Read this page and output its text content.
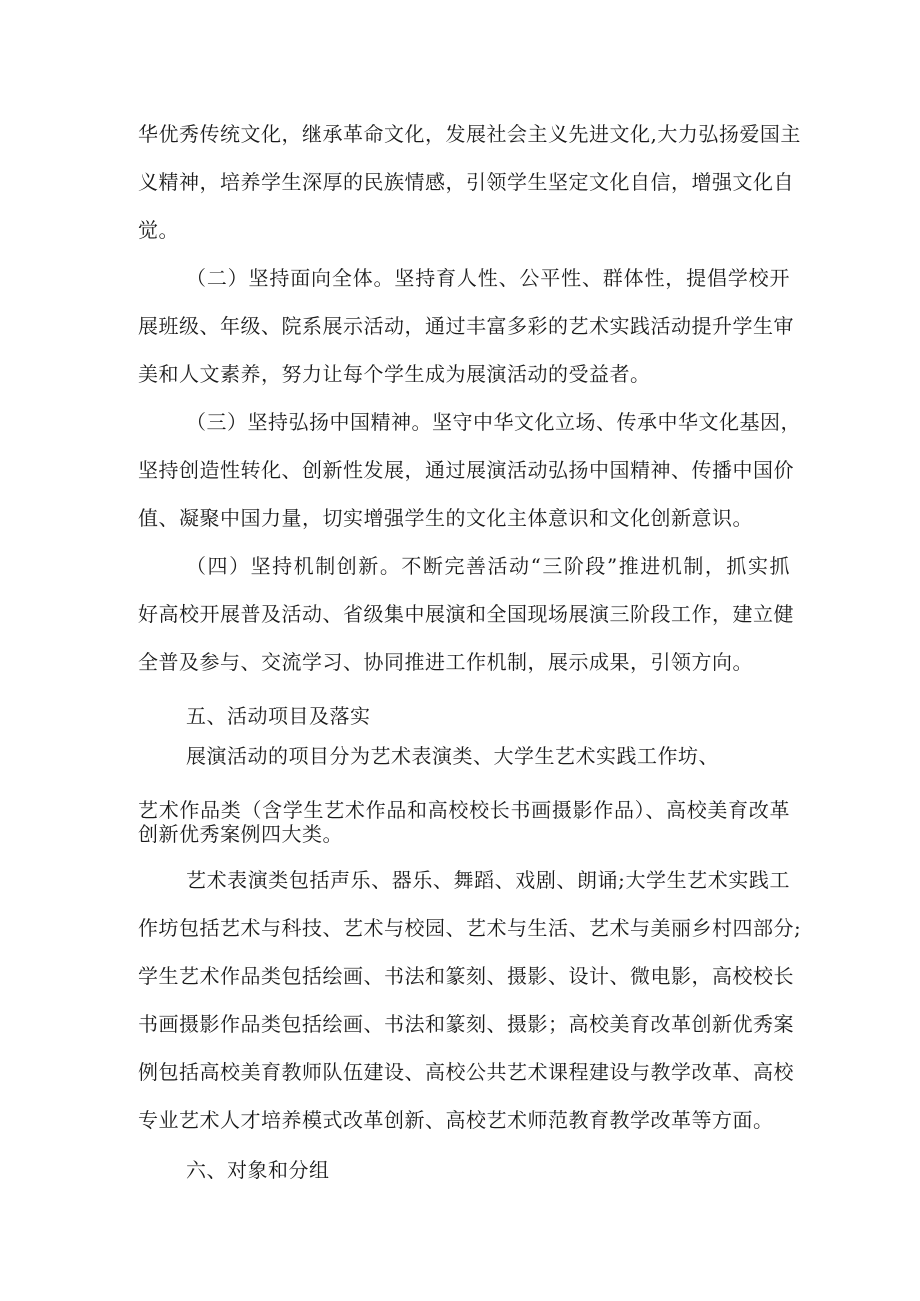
华优秀传统文化，继承革命文化，发展社会主义先进文化,大力弘扬爱国主
义精神，培养学生深厚的民族情感，引领学生坚定文化自信，增强文化自
觉。
（二）坚持面向全体。坚持育人性、公平性、群体性，提倡学校开
展班级、年级、院系展示活动，通过丰富多彩的艺术实践活动提升学生审
美和人文素养，努力让每个学生成为展演活动的受益者。
（三）坚持弘扬中国精神。坚守中华文化立场、传承中华文化基因，
坚持创造性转化、创新性发展，通过展演活动弘扬中国精神、传播中国价
值、凝聚中国力量，切实增强学生的文化主体意识和文化创新意识。
（四）坚持机制创新。不断完善活动“三阶段”推进机制，抓实抓
好高校开展普及活动、省级集中展演和全国现场展演三阶段工作，建立健
全普及参与、交流学习、协同推进工作机制，展示成果，引领方向。
五、活动项目及落实
展演活动的项目分为艺术表演类、大学生艺术实践工作坊、
艺术作品类（含学生艺术作品和高校校长书画摄影作品）、高校美育改革
创新优秀案例四大类。
艺术表演类包括声乐、器乐、舞蹈、戏剧、朗诵;大学生艺术实践工
作坊包括艺术与科技、艺术与校园、艺术与生活、艺术与美丽乡村四部分;
学生艺术作品类包括绘画、书法和篆刻、摄影、设计、微电影，高校校长
书画摄影作品类包括绘画、书法和篆刻、摄影；高校美育改革创新优秀案
例包括高校美育教师队伍建设、高校公共艺术课程建设与教学改革、高校
专业艺术人才培养模式改革创新、高校艺术师范教育教学改革等方面。
六、对象和分组
